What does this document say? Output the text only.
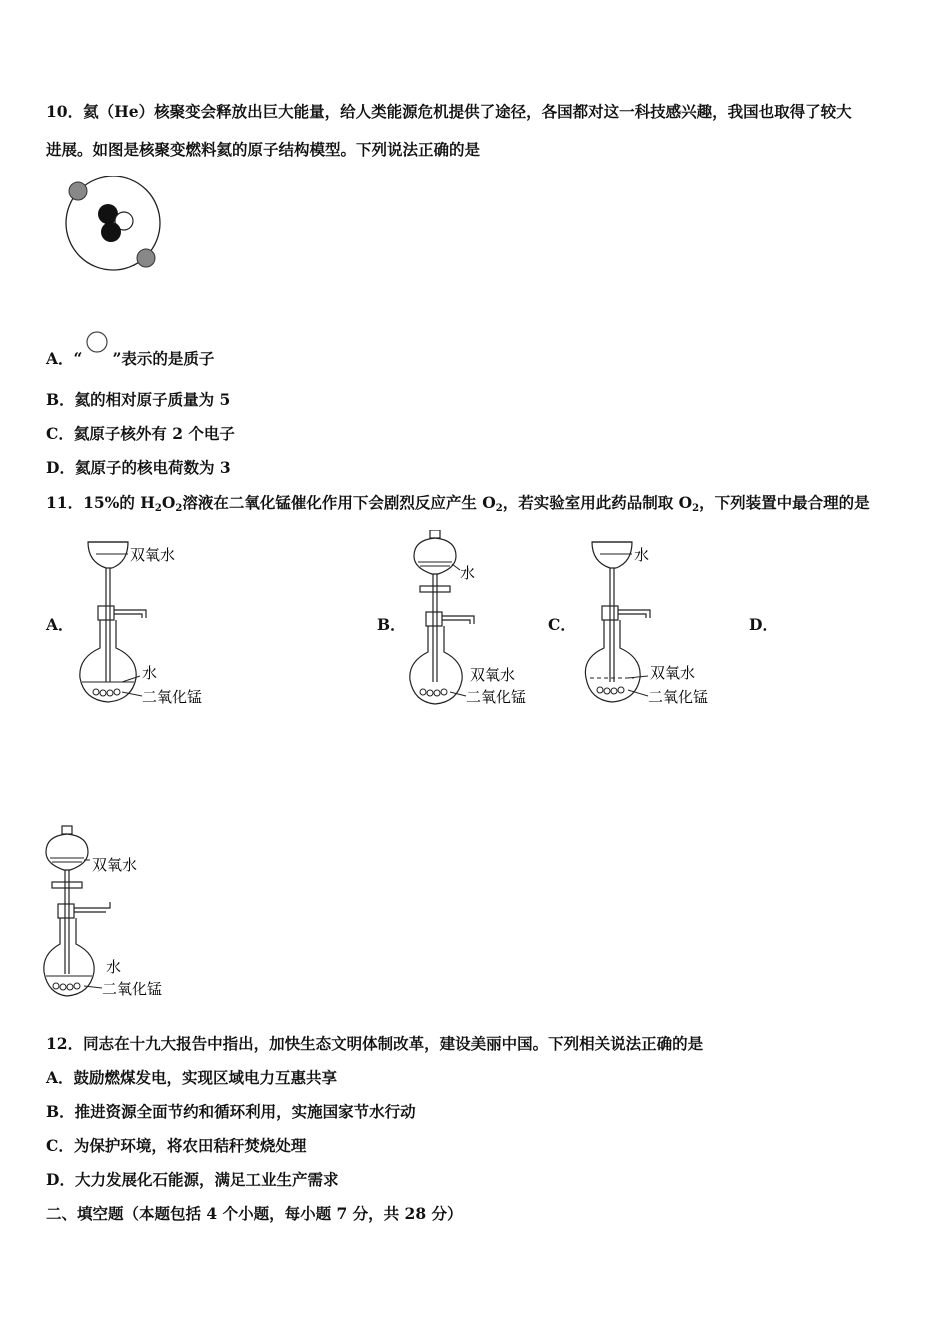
10．氦（He）核聚变会释放出巨大能量，给人类能源危机提供了途径，各国都对这一科技感兴趣，我国也取得了较大
进展。如图是核聚变燃料氦的原子结构模型。下列说法正确的是
A．“ ”表示的是质子
B．氦的相对原子质量为 5
C．氦原子核外有 2 个电子
D．氦原子的核电荷数为 3
11．15%的 $H_2O_2$溶液在二氧化锰催化作用下会剧烈反应产生 $O_2$，若实验室用此药品制取 $O_2$，下列装置中最合理的是
A．	B．	C．	D．
双氧水
水
二氧化锰
水
双氧水
二氧化锰
水
双氧水
二氧化锰
双氧水
水
二氧化锰
12．同志在十九大报告中指出，加快生态文明体制改革，建设美丽中国。下列相关说法正确的是
A．鼓励燃煤发电，实现区域电力互惠共享
B．推进资源全面节约和循环利用，实施国家节水行动
C．为保护环境，将农田秸秆焚烧处理
D．大力发展化石能源，满足工业生产需求
二、填空题（本题包括 4 个小题，每小题 7 分，共 28 分）
